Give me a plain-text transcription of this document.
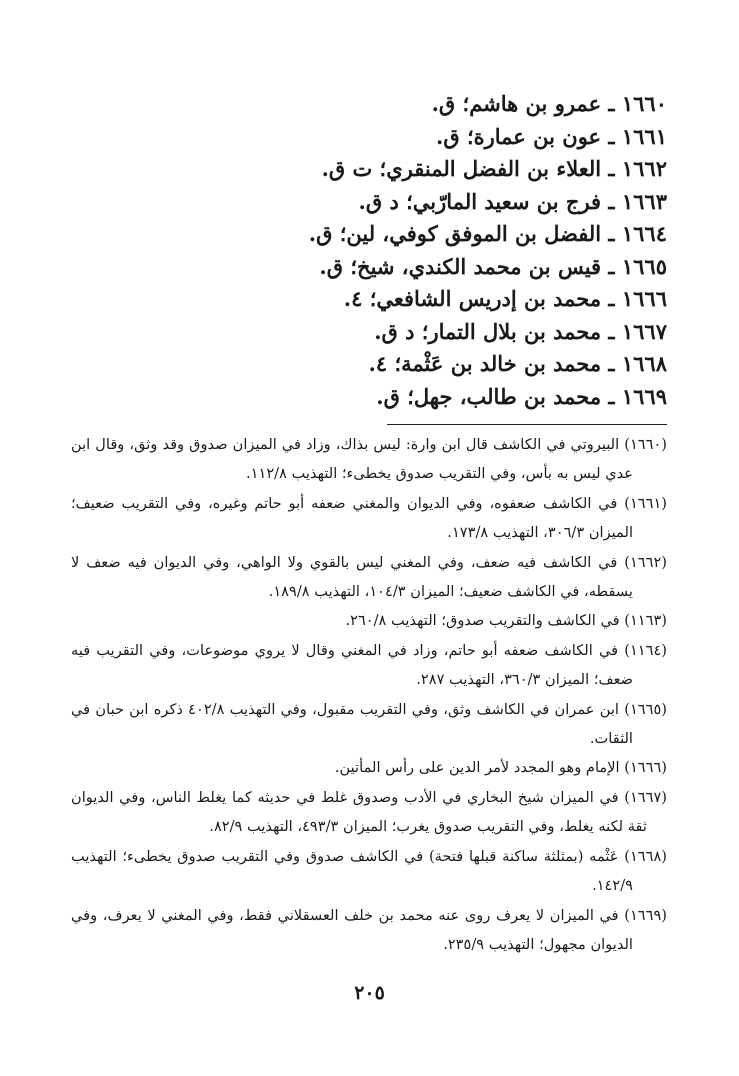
١٦٦٠ ـ عمرو بن هاشم؛ ق.
١٦٦١ ـ عون بن عمارة؛ ق.
١٦٦٢ ـ العلاء بن الفضل المنقري؛ ت ق.
١٦٦٣ ـ فرج بن سعيد المارّبي؛ د ق.
١٦٦٤ ـ الفضل بن الموفق كوفي، لين؛ ق.
١٦٦٥ ـ قيس بن محمد الكندي، شيخ؛ ق.
١٦٦٦ ـ محمد بن إدريس الشافعي؛ ٤.
١٦٦٧ ـ محمد بن بلال التمار؛ د ق.
١٦٦٨ ـ محمد بن خالد بن عَثْمة؛ ٤.
١٦٦٩ ـ محمد بن طالب، جهل؛ ق.
(١٦٦٠) البيروتي في الكاشف قال ابن وارة: ليس بذاك، وزاد في الميزان صدوق وقد وثق، وقال ابن عدي ليس به بأس، وفي التقريب صدوق يخطىء؛ التهذيب ١١٢/٨.
(١٦٦١) في الكاشف ضعفوه، وفي الديوان والمغني ضعفه أبو حاتم وغيره، وفي التقريب ضعيف؛ الميزان ٣٠٦/٣، التهذيب ١٧٣/٨.
(١٦٦٢) في الكاشف فيه ضعف، وفي المغني ليس بالقوي ولا الواهي، وفي الديوان فيه ضعف لا يسقطه، في الكاشف ضعيف؛ الميزان ١٠٤/٣، التهذيب ١٨٩/٨.
(١١٦٣) في الكاشف والتقريب صدوق؛ التهذيب ٢٦٠/٨.
(١١٦٤) في الكاشف ضعفه أبو حاتم، وزاد في المغني وقال لا يروي موضوعات، وفي التقريب فيه ضعف؛ الميزان ٣٦٠/٣، التهذيب ٢٨٧.
(١٦٦٥) ابن عمران في الكاشف وثق، وفي التقريب مقبول، وفي التهذيب ٤٠٢/٨ ذكره ابن حبان في الثقات.
(١٦٦٦) الإمام وهو المجدد لأمر الدين على رأس المأتين.
(١٦٦٧) في الميزان شيخ البخاري في الأدب وصدوق غلط في حديثه كما يغلط الناس، وفي الديوان ثقة لكنه يغلط، وفي التقريب صدوق يغرب؛ الميزان ٤٩٣/٣، التهذيب ٨٢/٩.
(١٦٦٨) عَثْمه (بمثلثة ساكنة قبلها فتحة) في الكاشف صدوق وفي التقريب صدوق يخطىء؛ التهذيب ١٤٢/٩.
(١٦٦٩) في الميزان لا يعرف روى عنه محمد بن خلف العسقلاني فقط، وفي المغني لا يعرف، وفي الديوان مجهول؛ التهذيب ٢٣٥/٩.
٢٠٥
